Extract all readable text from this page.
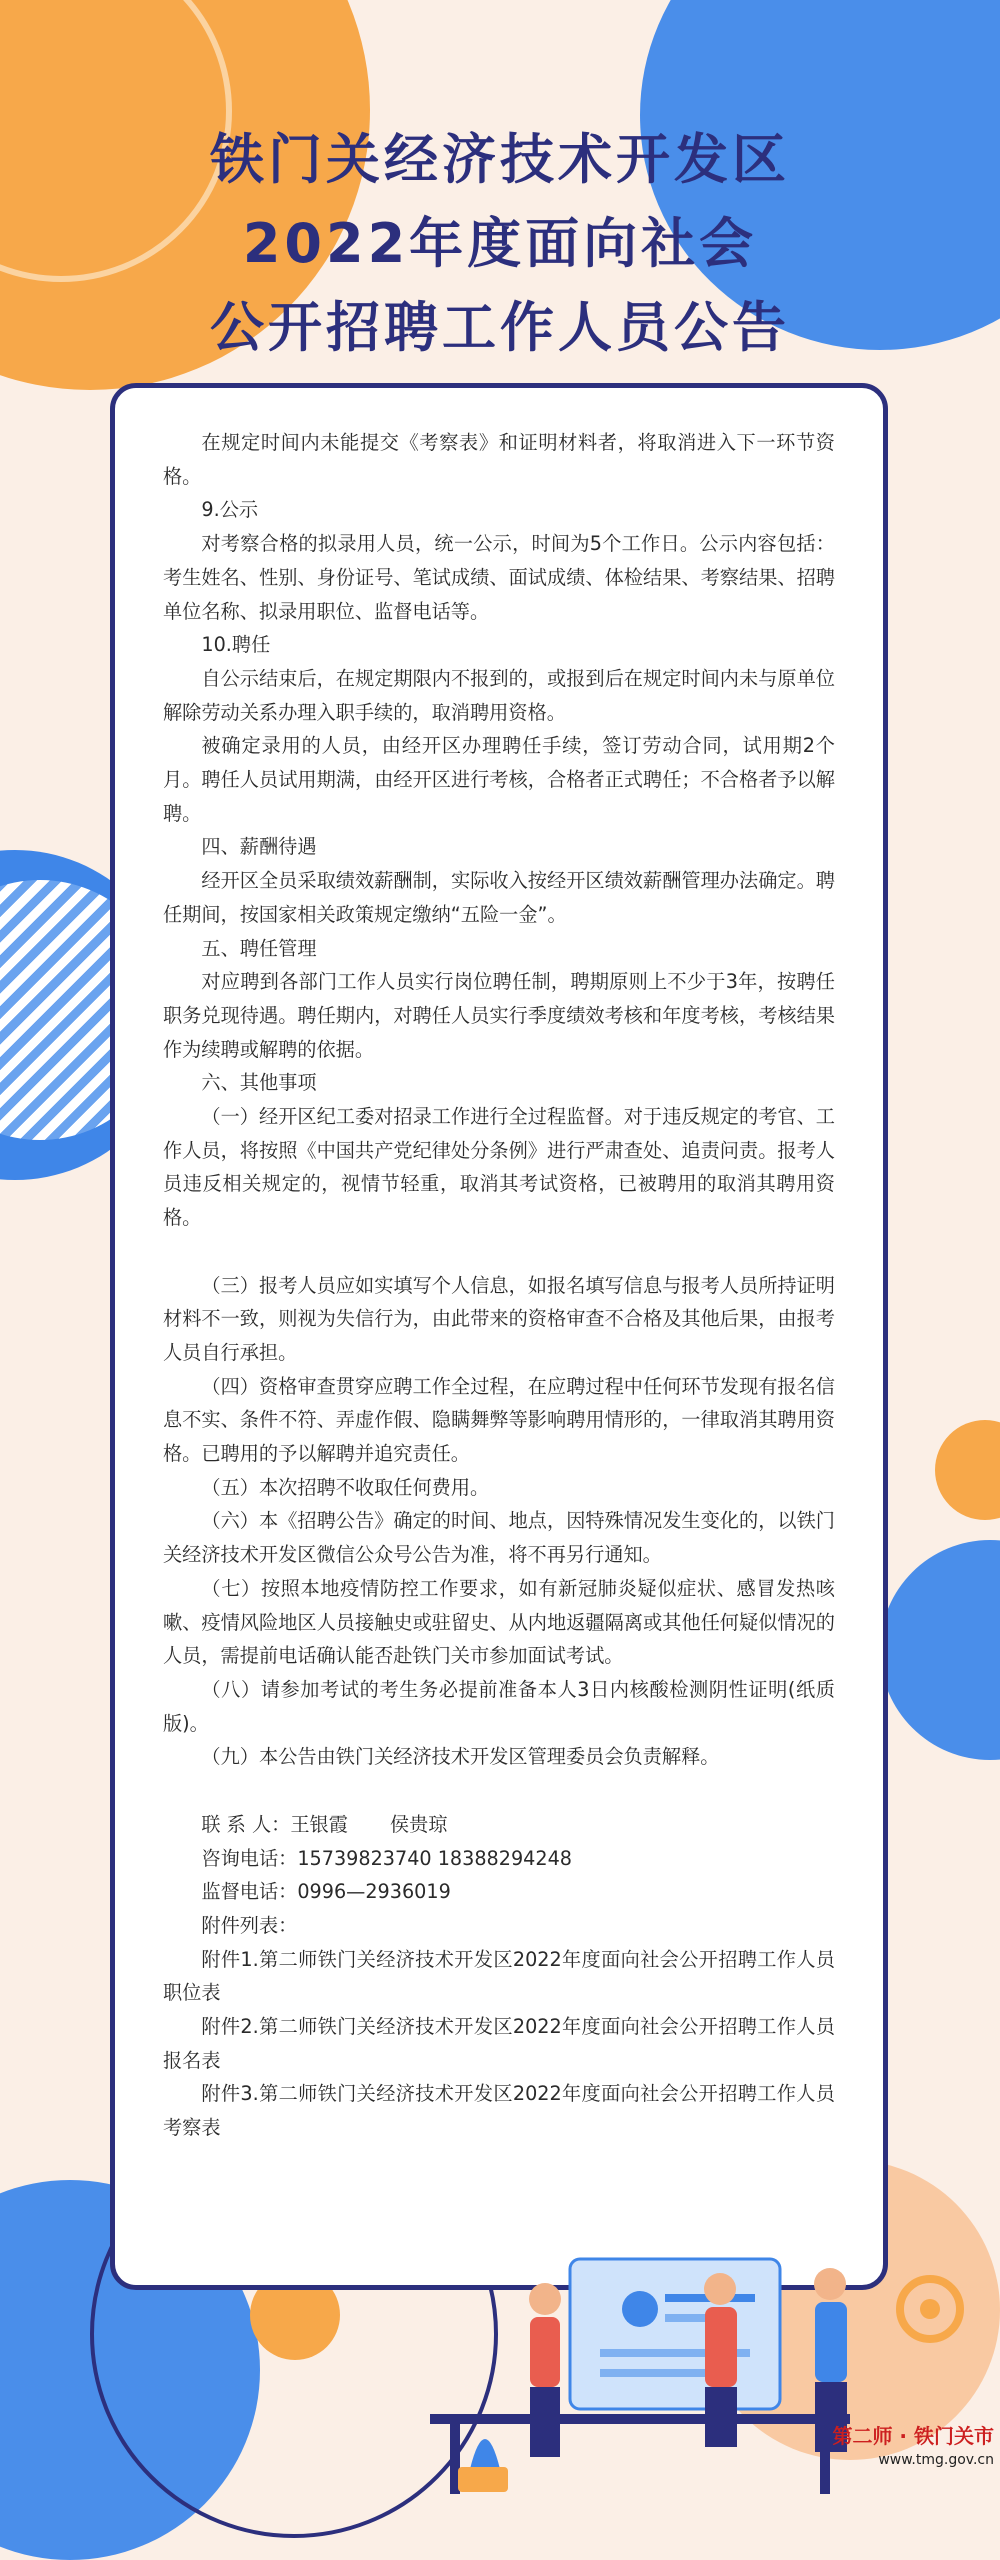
铁门关经济技术开发区
2022年度面向社会
公开招聘工作人员公告

在规定时间内未能提交《考察表》和证明材料者，将取消进入下一环节资格。

9.公示

对考察合格的拟录用人员，统一公示，时间为5个工作日。公示内容包括：考生姓名、性别、身份证号、笔试成绩、面试成绩、体检结果、考察结果、招聘单位名称、拟录用职位、监督电话等。

10.聘任

自公示结束后，在规定期限内不报到的，或报到后在规定时间内未与原单位解除劳动关系办理入职手续的，取消聘用资格。

被确定录用的人员，由经开区办理聘任手续，签订劳动合同，试用期2个月。聘任人员试用期满，由经开区进行考核，合格者正式聘任；不合格者予以解聘。

四、薪酬待遇

经开区全员采取绩效薪酬制，实际收入按经开区绩效薪酬管理办法确定。聘任期间，按国家相关政策规定缴纳“五险一金”。

五、聘任管理

对应聘到各部门工作人员实行岗位聘任制，聘期原则上不少于3年，按聘任职务兑现待遇。聘任期内，对聘任人员实行季度绩效考核和年度考核，考核结果作为续聘或解聘的依据。

六、其他事项

（一）经开区纪工委对招录工作进行全过程监督。对于违反规定的考官、工作人员，将按照《中国共产党纪律处分条例》进行严肃查处、追责问责。报考人员违反相关规定的，视情节轻重，取消其考试资格，已被聘用的取消其聘用资格。

（三）报考人员应如实填写个人信息，如报名填写信息与报考人员所持证明材料不一致，则视为失信行为，由此带来的资格审查不合格及其他后果，由报考人员自行承担。

（四）资格审查贯穿应聘工作全过程，在应聘过程中任何环节发现有报名信息不实、条件不符、弄虚作假、隐瞒舞弊等影响聘用情形的，一律取消其聘用资格。已聘用的予以解聘并追究责任。

（五）本次招聘不收取任何费用。

（六）本《招聘公告》确定的时间、地点，因特殊情况发生变化的，以铁门关经济技术开发区微信公众号公告为准，将不再另行通知。

（七）按照本地疫情防控工作要求，如有新冠肺炎疑似症状、感冒发热咳嗽、疫情风险地区人员接触史或驻留史、从内地返疆隔离或其他任何疑似情况的人员，需提前电话确认能否赴铁门关市参加面试考试。

（八）请参加考试的考生务必提前准备本人3日内核酸检测阴性证明(纸质版)。

（九）本公告由铁门关经济技术开发区管理委员会负责解释。

联 系 人：王银霞 侯贵琼

咨询电话：15739823740 18388294248

监督电话：0996—2936019

附件列表：

附件1.第二师铁门关经济技术开发区2022年度面向社会公开招聘工作人员职位表

附件2.第二师铁门关经济技术开发区2022年度面向社会公开招聘工作人员报名表

附件3.第二师铁门关经济技术开发区2022年度面向社会公开招聘工作人员考察表

第二师 · 铁门关市
www.tmg.gov.cn
